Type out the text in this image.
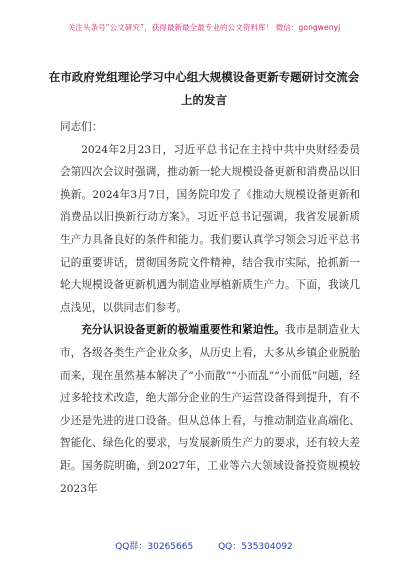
关注头条号“公文研究”，获得最新最全最专业的公文资料库！ 微信：gongwenyj
在市政府党组理论学习中心组大规模设备更新专题研讨交流会上的发言

同志们：

2024年2月23日，习近平总书记在主持中共中央财经委员会第四次会议时强调，推动新一轮大规模设备更新和消费品以旧换新。2024年3月7日，国务院印发了《推动大规模设备更新和消费品以旧换新行动方案》。习近平总书记强调，我省发展新质生产力具备良好的条件和能力。我们要认真学习领会习近平总书记的重要讲话，贯彻国务院文件精神，结合我市实际，抢抓新一轮大规模设备更新机遇为制造业厚植新质生产力。下面，我谈几点浅见，以供同志们参考。

充分认识设备更新的极端重要性和紧迫性。我市是制造业大市，各级各类生产企业众多，从历史上看，大多从乡镇企业脱胎而来，现在虽然基本解决了“小而散”“小而乱”“小而低”问题，经过多轮技术改造，绝大部分企业的生产运营设备得到提升，有不少还是先进的进口设备。但从总体上看，与推动制造业高端化、智能化、绿色化的要求，与发展新质生产力的要求，还有较大差距。国务院明确，到2027年，工业等六大领域设备投资规模较2023年

QQ群：30265665	QQ：535304092
